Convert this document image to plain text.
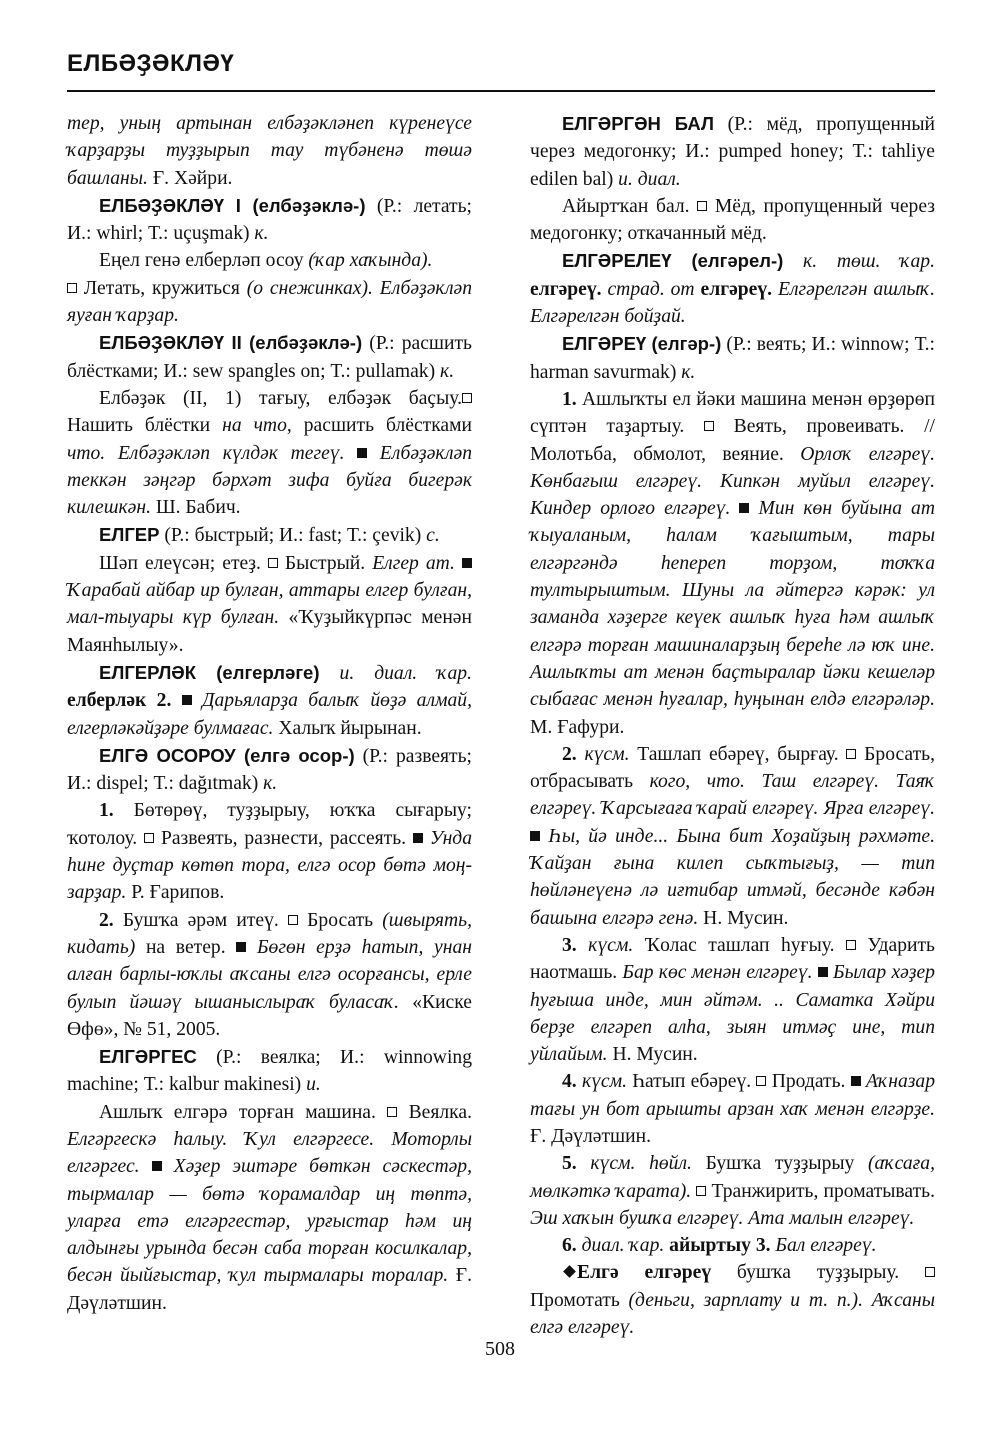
ЕЛБӘҘӘКЛӘҮ

тер, уның артынан елбәҙәкләнеп күренеүсе ҡарҙарҙы туҙҙырып тау түбәненә төшә башланы. Ғ. Хәйри.

ЕЛБӘҘӘКЛӘҮ I (елбәҙәклә-) (Р.: летать; И.: whirl; Т.: uçuşmak) к.

Еңел генә елберләп осоу (ҡар хаҡында).

Летать, кружиться (о снежинках). Елбәҙәкләп яуған ҡарҙар.

ЕЛБӘҘӘКЛӘҮ II (елбәҙәклә-) (Р.: расшить блёстками; И.: sew spangles on; Т.: pullamak) к.

Елбәҙәк (II, 1) тағыу, елбәҙәк баҫыу. Нашить блёстки на что, расшить блёстками что. Елбәҙәкләп күлдәк тегеү.  Елбәҙәкләп теккән зәңгәр бәрхәт зифа буйға бигерәк килешкән. Ш. Бабич.

ЕЛГЕР (Р.: быстрый; И.: fast; Т.: çevik) с.

Шәп елеүсән; етеҙ.  Быстрый. Елгер ат.  Ҡарабай айбар ир булған, аттары елгер булған, мал-тыуары күр булған. «Ҡуҙыйкүрпәс менән Маянһылыу».

ЕЛГЕРЛӘК (елгерләге) и. диал. ҡар. елберләк 2.  Дарьяларҙа балыҡ йөҙә алмай, елгерләкәйҙәрe булмағас. Халыҡ йырынан.

ЕЛГӘ ОСОРОУ (елгә осор-) (Р.: развеять; И.: dispel; Т.: dağıtmak) к.

1. Бөтөрөү, туҙҙырыу, юҡҡа сығарыу; ҡотолоу.  Развеять, разнести, рассеять.  Унда һине дуҫтар көтөп тора, елгә осор бөтә моң-зарҙар. Р. Ғарипов.

2. Бушҡа әрәм итеү.  Бросать (швырять, кидать) на ветер.  Бөгөн ерҙә һатып, унан алған барлы-юҡлы аҡсаны елгә осорғансы, ерле булып йәшәү ышаныслыраҡ булаcаҡ. «Киске Өфө», № 51, 2005.

ЕЛГӘРГЕС (Р.: веялка; И.: winnowing machine; Т.: kalbur makinesi) и.

Ашлыҡ елгәрә торған машина.  Веялка. Елгәргескә һалыу. Ҡул елгәргесе. Моторлы елгәргес.  Хәҙер эштәре бөткән сәскестәр, тырмалар — бөтә ҡорамалдар иң төптә, уларға етә елгәргестәр, урғыстар һәм иң алдынғы урында бесән саба торған косилкалар, бесән йыйғыстар, ҡул тырмалары торалар. Ғ. Дәүләтшин.

ЕЛГӘРГӘН БАЛ (Р.: мёд, пропущенный через медогонку; И.: pumped honey; Т.: tahliye edilen bal) и. диал.

Айыртҡан бал.  Мёд, пропущенный через медогонку; откачанный мёд.

ЕЛГӘРЕЛЕҮ (елгәрел-) к. төш. ҡар. елгәреү. страд. от елгәреү. Елгәрелгән ашлыҡ. Елгәрелгән бойҙай.

ЕЛГӘРЕҮ (елгәр-) (Р.: веять; И.: winnow; Т.: harman savurmak) к.

1. Ашлыҡты ел йәки машина менән өрҙөрөп сүптән таҙартыу.  Веять, провеивать. // Молотьба, обмолот, веяние. Орлоҡ елгәреү. Көнбағыш елгәреү. Кипкән муйыл елгәреү. Киндер орлоғо елгәреү.  Мин көн буйына ат ҡыуаланым, һалам ҡағыштым, тары елгәргәндә һеперeп торҙом, тоҡҡа тултырыштым. Шуны ла әйтергә кәрәк: ул заманда хәҙерге кеүек ашлыҡ һуға һәм ашлыҡ елгәрә торған машиналарҙың береһе лә юҡ ине. Ашлыҡты ат менән баҫтыралар йәки кешеләр сыбағас менән һуғалар, һуңынан елдә елгәрәләр. М. Ғафури.

2. күсм. Ташлап ебәреү, бырғау.  Бросать, отбрасывать кого, что. Таш елгәреү. Таяҡ елгәреү. Ҡарсығаға ҡарай елгәреү. Ярға елгәреү.  Һы, йә инде... Бына бит Хоҙайҙың рәхмәте. Ҡайҙан ғына килеп сыҡтығыҙ, — тип һөйләнеүенә лә иғтибар итмәй, бесәнде кәбән башына елгәрә генә. Н. Мусин.

3. күсм. Ҡолас ташлап һуғыу.  Ударить наотмашь. Бар көс менән елгәреү.  Былар хәҙер һуғыша инде, мин әйтәм. .. Саматка Хәйри берҙе елгәреп алһа, зыян итмәҫ ине, тип уйлайым. Н. Мусин.

4. күсм. Һатып ебәреү.  Продать.  Аҡназар тағы ун бот арышты арзан хаҡ менән елгәрҙе. Ғ. Дәүләтшин.

5. күсм. һөйл. Бушҡа туҙҙырыу (аҡсаға, мөлкәткә ҡарата).  Транжирить, проматывать. Эш хаҡын бушҡа елгәреү. Ата малын елгәреү.

6. диал. ҡар. айыртыу 3. Бал елгәреү.

Елгә елгәреү бушҡа туҙҙырыу.  Промотать (деньги, зарплату и т. п.). Аҡсаны елгә елгәреү.

508
